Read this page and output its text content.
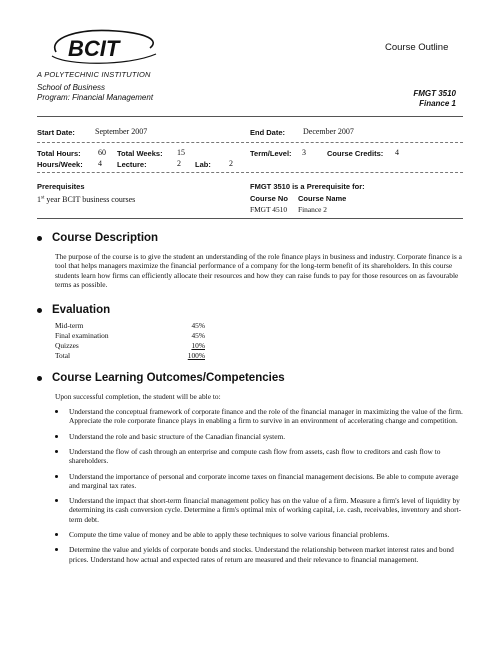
BCIT
A POLYTECHNIC INSTITUTION
Course Outline
School of Business
Program: Financial Management	FMGT 3510
Finance 1
Start Date:	September 2007	End Date: December 2007
Total Hours: 60 Total Weeks: 15	Term/Level: 3	Course Credits: 4
Hours/Week: 4 Lecture:	2 Lab: 2
Prerequisites
1st year BCIT business courses
FMGT 3510 is a Prerequisite for:
Course No Course Name
FMGT 4510 Finance 2
Course Description
The purpose of the course is to give the student an understanding of the role finance plays in business and industry. Corporate finance is a tool that helps managers maximize the financial performance of a company for the long-term benefit of its shareholders. In this course students learn how firms can efficiently allocate their resources and how they can raise funds to pay for those resources on as favourable terms as possible.
Evaluation
Mid-term	45%
Final examination	45%
Quizzes	10%
Total	100%
Course Learning Outcomes/Competencies
Upon successful completion, the student will be able to:
Understand the conceptual framework of corporate finance and the role of the financial manager in maximizing the value of the firm. Appreciate the role corporate finance plays in enabling a firm to survive in an environment of accelerating change and competition.
Understand the role and basic structure of the Canadian financial system.
Understand the flow of cash through an enterprise and compute cash flow from assets, cash flow to creditors and cash flow to shareholders.
Understand the importance of personal and corporate income taxes on financial management decisions. Be able to compute average and marginal tax rates.
Understand the impact that short-term financial management policy has on the value of a firm. Measure a firm's level of liquidity by determining its cash conversion cycle. Determine a firm's optimal mix of working capital, i.e. cash, receivables, inventory and short-term debt.
Compute the time value of money and be able to apply these techniques to solve various financial problems.
Determine the value and yields of corporate bonds and stocks. Understand the relationship between market interest rates and bond prices. Understand how actual and expected rates of return are measured and their relevance to financial management.
